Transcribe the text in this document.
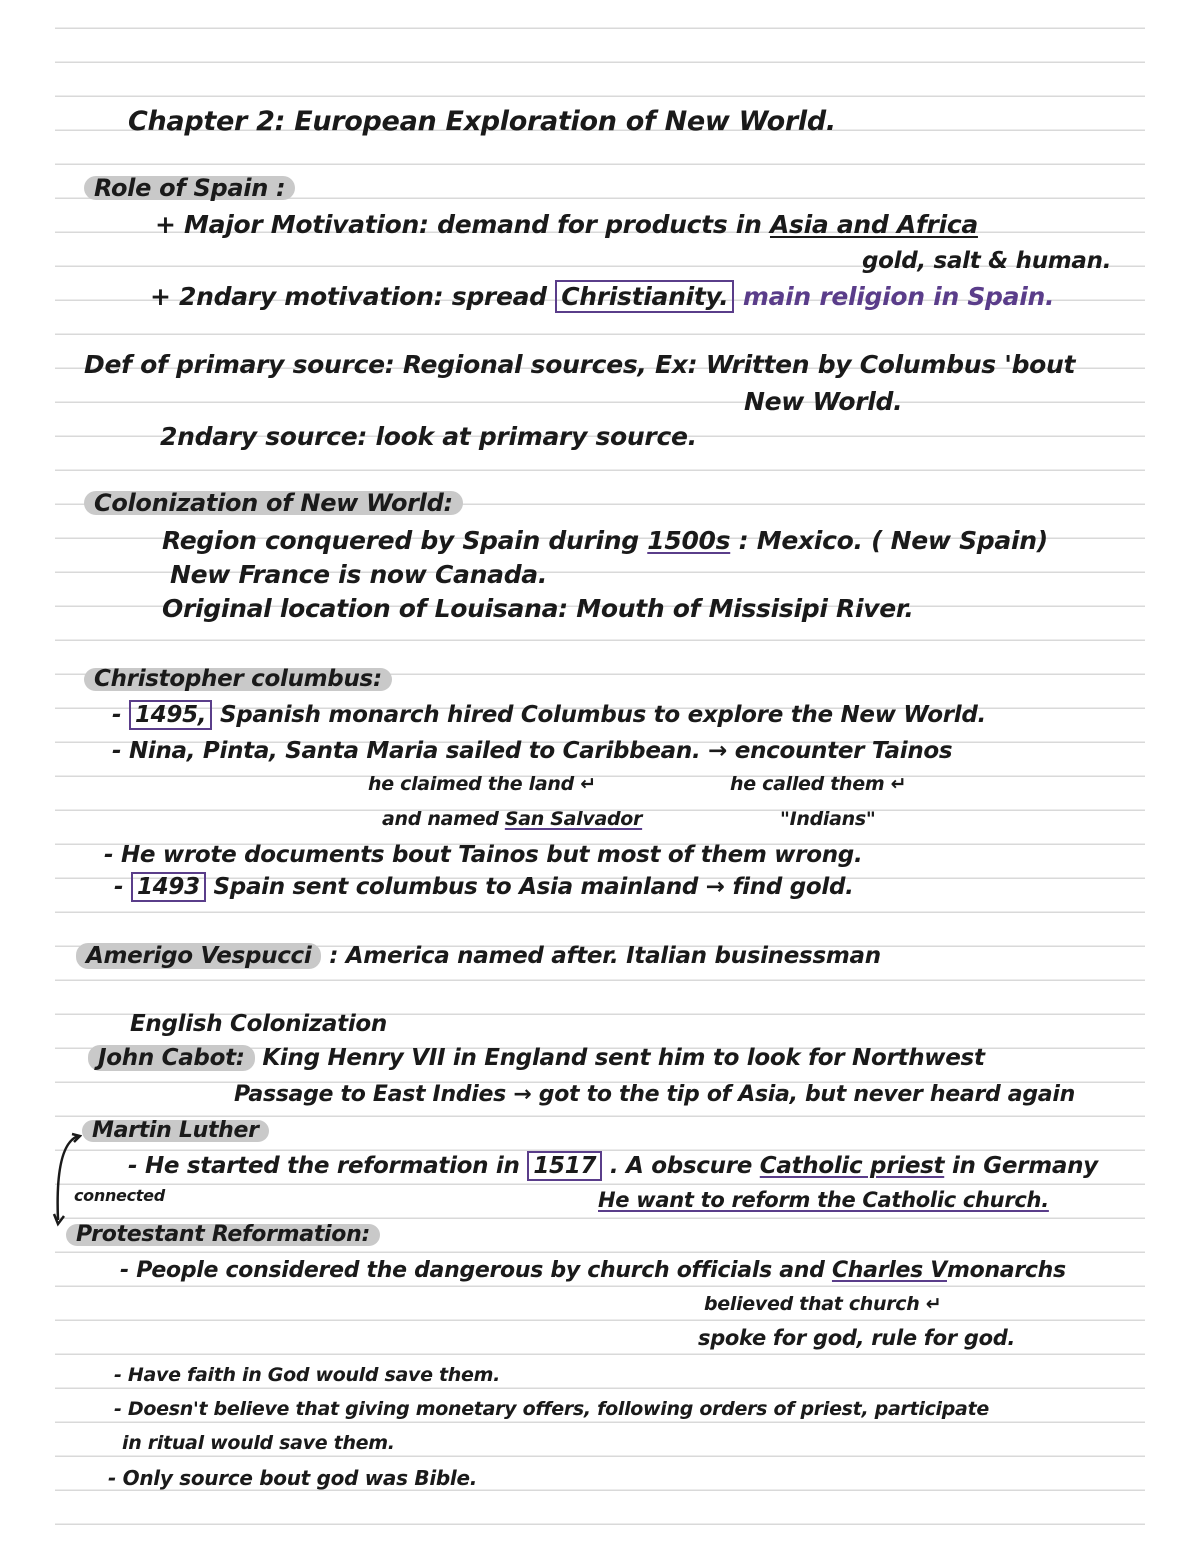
Chapter 2: European Exploration of New World.
Role of Spain :
+ Major Motivation: demand for products in Asia and Africa
gold, salt & human.
+ 2ndary motivation: spread Christianity. main religion in Spain.
Def of primary source: Regional sources, Ex: Written by Columbus 'bout
New World.
2ndary source: look at primary source.
Colonization of New World:
Region conquered by Spain during 1500s : Mexico. ( New Spain)
New France is now Canada.
Original location of Louisana: Mouth of Missisipi River.
Christopher columbus:
- 1495, Spanish monarch hired Columbus to explore the New World.
- Nina, Pinta, Santa Maria sailed to Caribbean. → encounter Tainos
he claimed the land ↵	he called them ↵
and named San Salvador	"Indians"
- He wrote documents bout Tainos but most of them wrong.
- 1493 Spain sent columbus to Asia mainland → find gold.
Amerigo Vespucci : America named after. Italian businessman
English Colonization
John Cabot: King Henry VII in England sent him to look for Northwest
Passage to East Indies → got to the tip of Asia, but never heard again
Martin Luther
- He started the reformation in 1517 . A obscure Catholic priest in Germany
connected	He want to reform the Catholic church.
Protestant Reformation:
- People considered the dangerous by church officials and Charles Vmonarchs
believed that church ↵
spoke for god, rule for god.
- Have faith in God would save them.
- Doesn't believe that giving monetary offers, following orders of priest, participate
in ritual would save them.
- Only source bout god was Bible.
